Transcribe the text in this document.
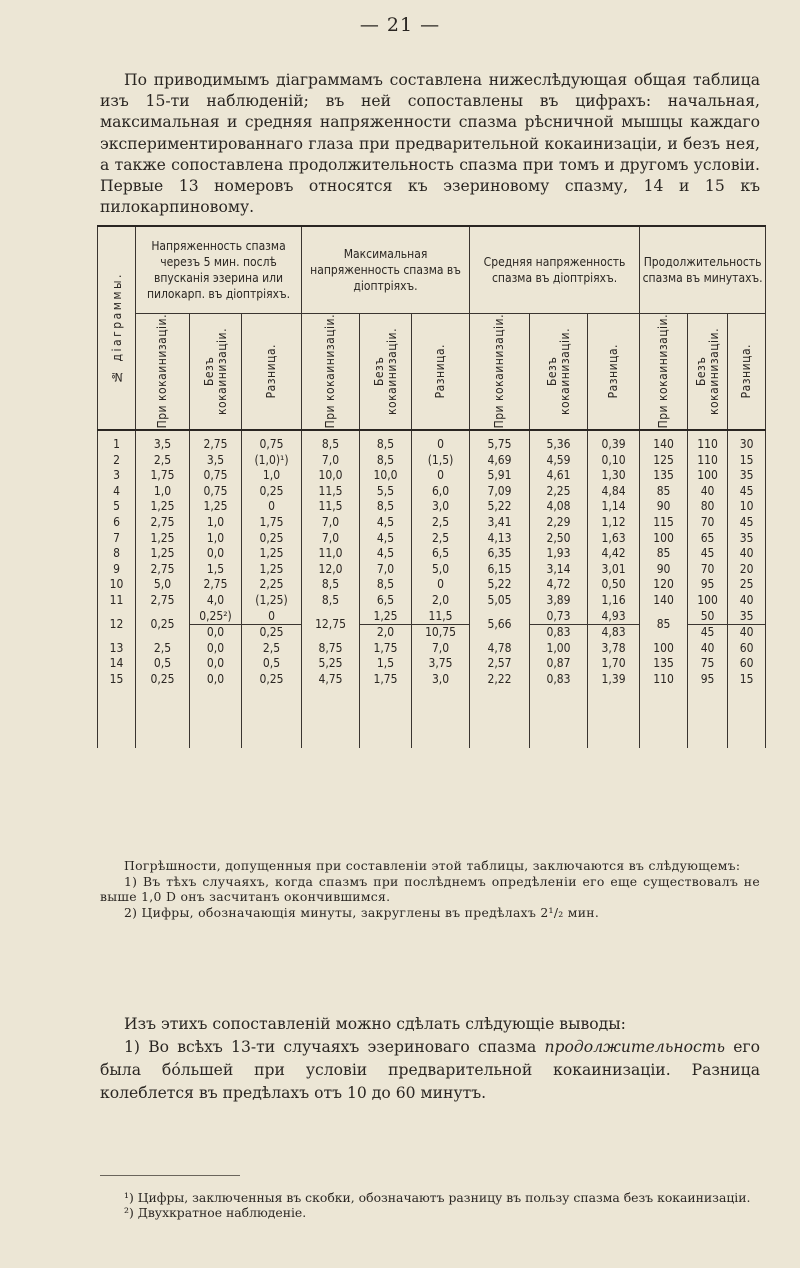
— 21 —

По приводимымъ діаграммамъ составлена нижеслѣдующая общая таблица изъ 15-ти наблюденій; въ ней сопоставлены въ цифрахъ: начальная, максимальная и средняя напряженности спазма рѣсничной мышцы каждаго экспериментированнаго глаза при предварительной кокаинизаціи, и безъ нея, а также сопоставлена продолжительность спазма при томъ и другомъ условіи. Первые 13 номеровъ относятся къ эзериновому спазму, 14 и 15 къ пилокарпиновому.

№ діаграммы.	Напряженность спазма черезъ 5 мин. послѣ впусканія эзерина или пилокарп. въ діоптріяхъ.			Максимальная напряженность спазма въ діоптріяхъ.			Средняя напряженность спазма въ діоптріяхъ.			Продолжительность спазма въ минутахъ.		

	При кокаинизаціи.	Безъ кокаинизаціи.	Разница.	При кокаинизаціи.	Безъ кокаинизаціи.	Разница.	При кокаинизаціи.	Безъ кокаинизаціи.	Разница.	При кокаинизаціи.	Безъ кокаинизаціи.	Разница.

1	3,5	2,75	0,75	8,5	8,5	0	5,75	5,36	0,39	140	110	30
2	2,5	3,5	(1,0)¹)	7,0	8,5	(1,5)	4,69	4,59	0,10	125	110	15
3	1,75	0,75	1,0	10,0	10,0	0	5,91	4,61	1,30	135	100	35
4	1,0	0,75	0,25	11,5	5,5	6,0	7,09	2,25	4,84	85	40	45
5	1,25	1,25	0	11,5	8,5	3,0	5,22	4,08	1,14	90	80	10
6	2,75	1,0	1,75	7,0	4,5	2,5	3,41	2,29	1,12	115	70	45
7	1,25	1,0	0,25	7,0	4,5	2,5	4,13	2,50	1,63	100	65	35
8	1,25	0,0	1,25	11,0	4,5	6,5	6,35	1,93	4,42	85	45	40
9	2,75	1,5	1,25	12,0	7,0	5,0	6,15	3,14	3,01	90	70	20
10	5,0	2,75	2,25	8,5	8,5	0	5,22	4,72	0,50	120	95	25
11	2,75	4,0	(1,25)	8,5	6,5	2,0	5,05	3,89	1,16	140	100	40
12	0,25	0,25²)	0	12,75	1,25	11,5	5,66	0,73	4,93	85	50	35
		0,0	0,25		2,0	10,75		0,83	4,83		45	40
13	2,5	0,0	2,5	8,75	1,75	7,0	4,78	1,00	3,78	100	40	60
14	0,5	0,0	0,5	5,25	1,5	3,75	2,57	0,87	1,70	135	75	60
15	0,25	0,0	0,25	4,75	1,75	3,0	2,22	0,83	1,39	110	95	15

Погрѣшности, допущенныя при составленіи этой таблицы, заключаются въ слѣдующемъ:

1) Въ тѣхъ случаяхъ, когда спазмъ при послѣднемъ опредѣленіи его еще существовалъ не выше 1,0 D онъ засчитанъ окончившимся.

2) Цифры, обозначающія минуты, закруглены въ предѣлахъ 2¹/₂ мин.

Изъ этихъ сопоставленій можно сдѣлать слѣдующіе выводы:

1) Во всѣхъ 13-ти случаяхъ эзеринoваго спазма продолжительность его была бóльшей при условіи предварительной кокаинизаціи. Разница колеблется въ предѣлахъ отъ 10 до 60 минутъ.

¹) Цифры, заключенныя въ скобки, обозначаютъ разницу въ пользу спазма безъ кокаинизаціи.

²) Двухкратное наблюденіе.
